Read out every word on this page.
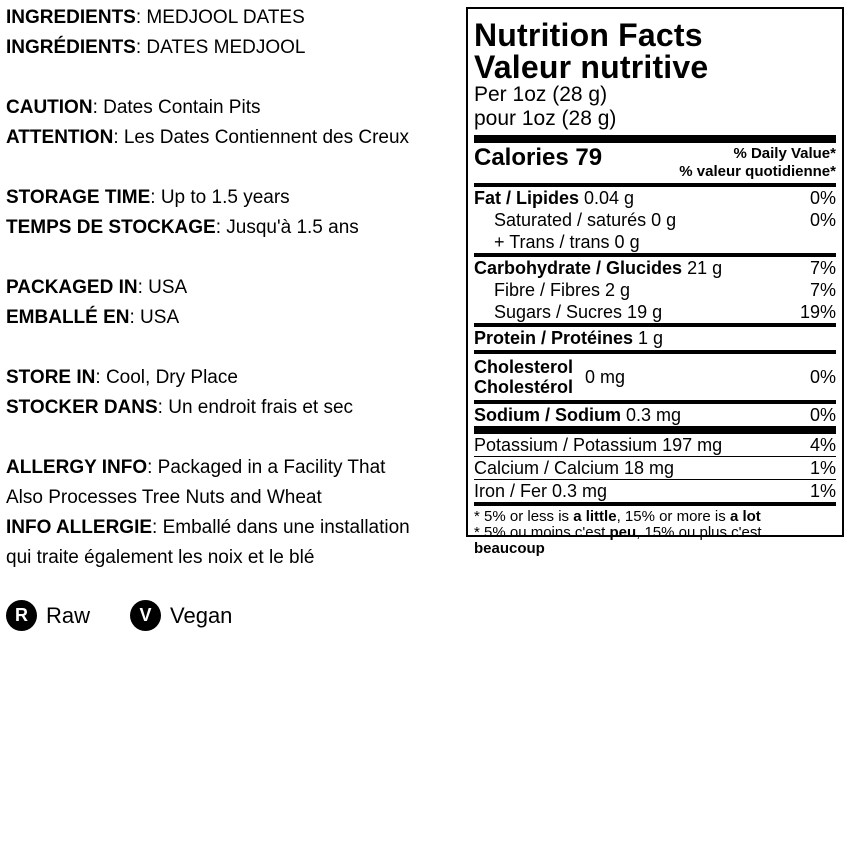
INGREDIENTS: MEDJOOL DATES
INGRÉDIENTS: DATES MEDJOOL
CAUTION: Dates Contain Pits
ATTENTION: Les Dates Contiennent des Creux
STORAGE TIME: Up to 1.5 years
TEMPS DE STOCKAGE: Jusqu'à 1.5 ans
PACKAGED IN: USA
EMBALLÉ EN: USA
STORE IN: Cool, Dry Place
STOCKER DANS: Un endroit frais et sec
ALLERGY INFO: Packaged in a Facility That
Also Processes Tree Nuts and Wheat
INFO ALLERGIE: Emballé dans une installation
qui traite également les noix et le blé
R Raw	V Vegan
Nutrition Facts
Valeur nutritive
Per 1oz (28 g)
pour 1oz (28 g)
Calories 79	% Daily Value*
% valeur quotidienne*
Fat / Lipides 0.04 g	0%
Saturated / saturés 0 g	0%
+ Trans / trans 0 g
Carbohydrate / Glucides 21 g	7%
Fibre / Fibres 2 g	7%
Sugars / Sucres 19 g	19%
Protein / Protéines 1 g
Cholesterol
Cholestérol
0 mg	0%
Sodium / Sodium 0.3 mg	0%
Potassium / Potassium 197 mg	4%
Calcium / Calcium 18 mg	1%
Iron / Fer 0.3 mg	1%
* 5% or less is a little, 15% or more is a lot
* 5% ou moins c'est peu, 15% ou plus c'est beaucoup
